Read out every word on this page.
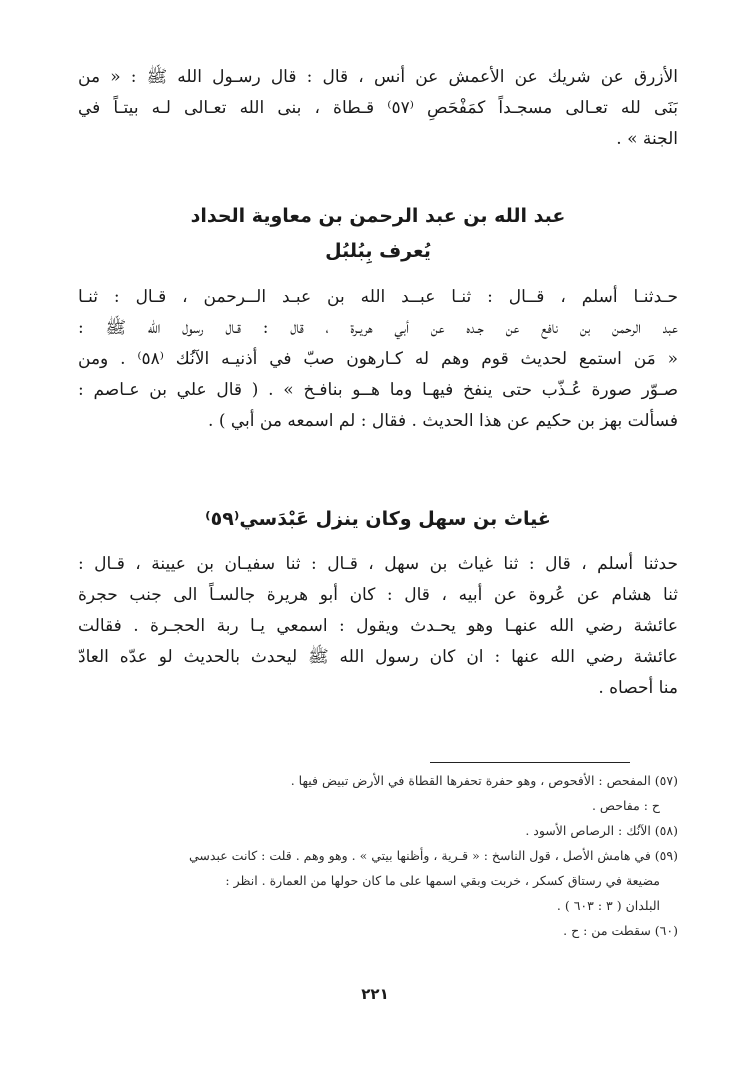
الأزرق عن شريك عن الأعمش عن أنس ، قال : قال رسـول الله ﷺ : « من
بَنَى لله تعـالى مسجـداً كمَفْحَصِ ⁽٥٧⁾ قـطاة ، بنى الله تعـالى لـه بيتـاً في
الجنة » .
عبد الله بن عبد الرحمن بن معاوية الحداد
يُعرف بِبُلبُل
حـدثنـا أسلم ، قــال : ثنـا عبــد الله بن عبـد الــرحمن ، قـال : ثنـا
عبد الرحمن بن نافع عن جـده عن أبي هريـرة ، قال : قـال رسول الله ﷺ :
« مَن استمع لحديث قوم وهم له كـارهون صبّ في أذنيـه الآنُك ⁽٥٨⁾ . ومن
صـوّر صورة عُـذّب حتى ينفخ فيهـا وما هــو بنافـخ » . ( قال علي بن عـاصم :
فسألت بهز بن حكيم عن هذا الحديث . فقال : لم اسمعه من أبي ) .
غياث بن سهل وكان ينزل عَبْدَسي⁽٥٩⁾
حدثنا أسلم ، قال : ثنا غياث بن سهل ، قـال : ثنا سفيـان بن عيينة ، قـال :
ثنا هشام عن عُروة عن أبيه ، قال : كان أبو هريرة جالسـاً الى جنب حجرة
عائشة رضي الله عنهـا وهو يحـدث ويقول : اسمعي يـا ربة الحجـرة . فقالت
عائشة رضي الله عنها : ان كان رسول الله ﷺ ليحدث بالحديث لو عدّه العادّ
منا أحصاه .
(٥٧) المفحص : الأفحوص ، وهو حفرة تحفرها القطاة في الأرض تبيض فيها .
ح : مفاحص .
(٥٨) الآنُك : الرصاص الأسود .
(٥٩) في هامش الأصل ، قول الناسخ : « قـرية ، وأظنها بيتي » . وهو وهم . قلت : كانت عبدسي
مضيعة في رستاق كسكر ، خربت وبقي اسمها على ما كان حولها من العمارة . انظر :
البلدان ( ٣ : ٦٠٣ ) .
(٦٠) سقطت من : ح .
٢٢١
